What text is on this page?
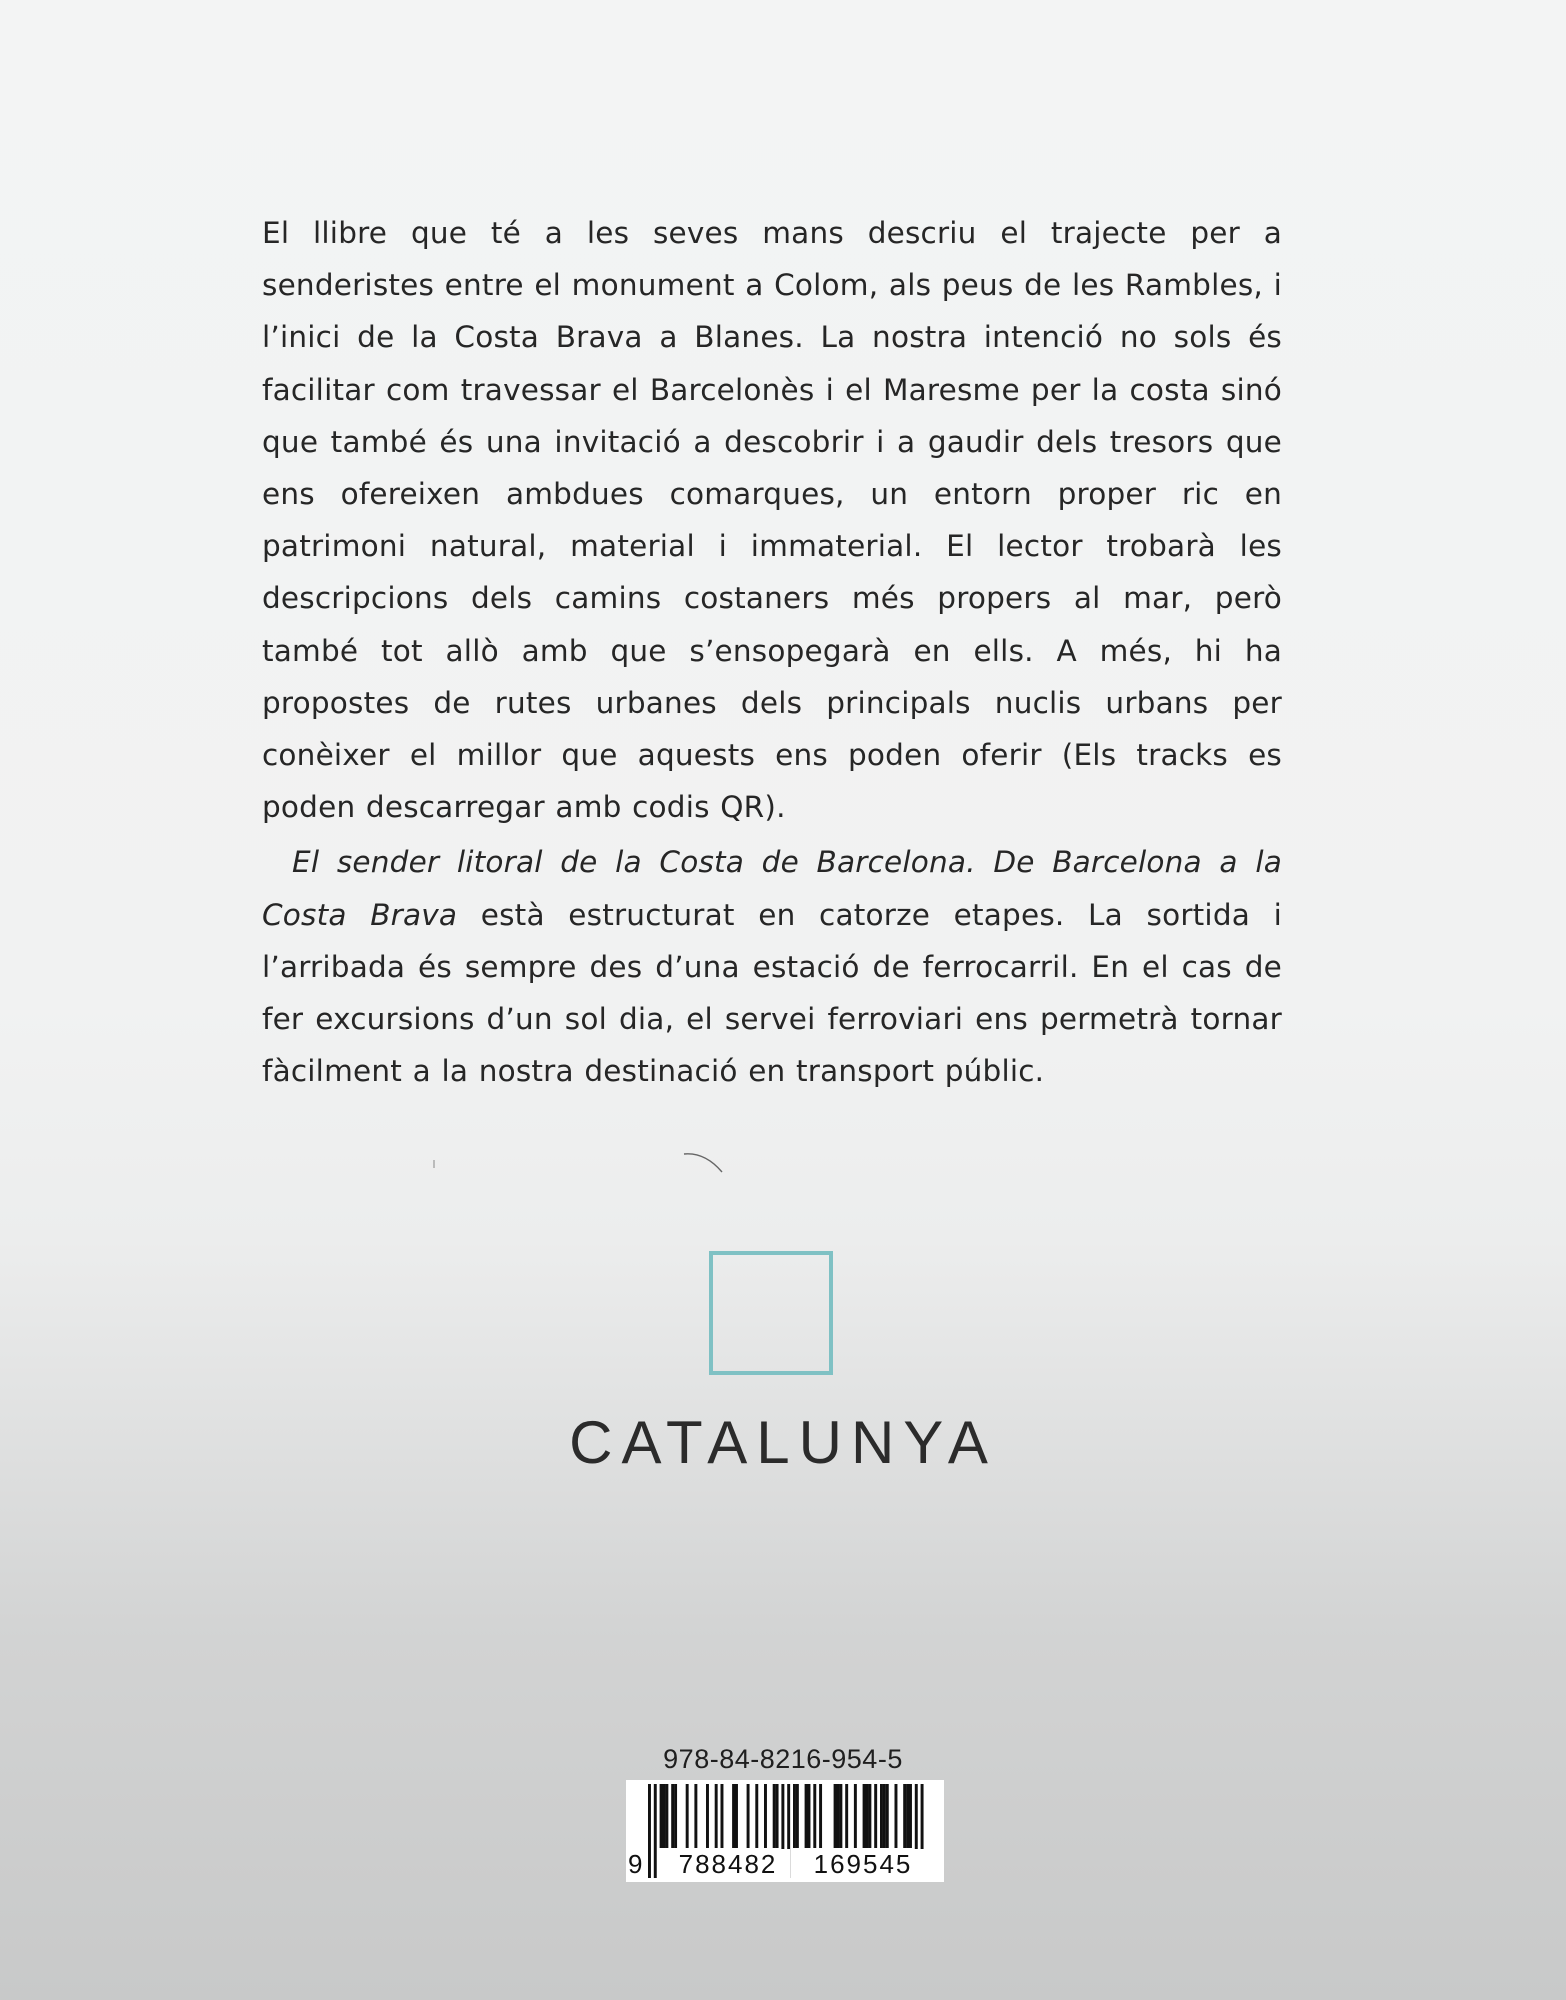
El llibre que té a les seves mans descriu el trajecte per a senderistes entre el monument a Colom, als peus de les Rambles, i l’inici de la Costa Brava a Blanes. La nostra intenció no sols és facilitar com travessar el Barcelonès i el Maresme per la costa sinó que també és una invitació a descobrir i a gaudir dels tresors que ens ofereixen ambdues comarques, un entorn proper ric en patrimoni natural, material i immaterial. El lector trobarà les descripcions dels camins costaners més propers al mar, però també tot allò amb que s’ensopegarà en ells. A més, hi ha propostes de rutes urbanes dels principals nuclis urbans per conèixer el millor que aquests ens poden oferir (Els tracks es poden descarregar amb codis QR).

El sender litoral de la Costa de Barcelona. De Barcelona a la Costa Brava està estructurat en catorze etapes. La sortida i l’arribada és sempre des d’una estació de ferrocarril. En el cas de fer excursions d’un sol dia, el servei ferroviari ens permetrà tornar fàcilment a la nostra destinació en transport públic.

CATALUNYA
978-84-8216-954-5
9	788482	169545
